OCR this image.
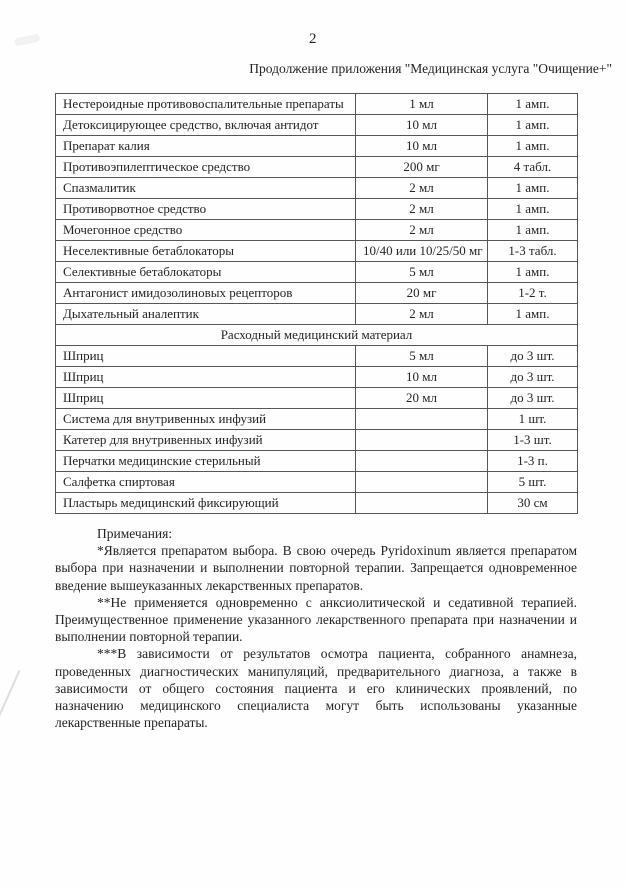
2
Продолжение приложения "Медицинская услуга "Очищение+"
Нестероидные противовоспалительные препараты	1 мл	1 амп.
Детоксицирующее средство, включая антидот	10 мл	1 амп.
Препарат калия	10 мл	1 амп.
Противоэпилептическое средство	200 мг	4 табл.
Спазмалитик	2 мл	1 амп.
Противорвотное средство	2 мл	1 амп.
Мочегонное средство	2 мл	1 амп.
Неселективные бетаблокаторы	10/40 или 10/25/50 мг	1-3 табл.
Селективные бетаблокаторы	5 мл	1 амп.
Антагонист имидозолиновых рецепторов	20 мг	1-2 т.
Дыхательный аналептик	2 мл	1 амп.
Расходный медицинский материал		
Шприц	5 мл	до 3 шт.
Шприц	10 мл	до 3 шт.
Шприц	20 мл	до 3 шт.
Система для внутривенных инфузий		1 шт.
Катетер для внутривенных инфузий		1-3 шт.
Перчатки медицинские стерильный		1-3 п.
Салфетка спиртовая		5 шт.
Пластырь медицинский фиксирующий		30 см

Примечания:

*Является препаратом выбора. В свою очередь Pyridoxinum является препаратом выбора при назначении и выполнении повторной терапии. Запрещается одновременное введение вышеуказанных лекарственных препаратов.

**Не применяется одновременно с анксиолитической и седативной терапией. Преимущественное применение указанного лекарственного препарата при назначении и выполнении повторной терапии.

***В зависимости от результатов осмотра пациента, собранного анамнеза, проведенных диагностических манипуляций, предварительного диагноза, а также в зависимости от общего состояния пациента и его клинических проявлений, по назначению медицинского специалиста могут быть использованы указанные лекарственные препараты.
